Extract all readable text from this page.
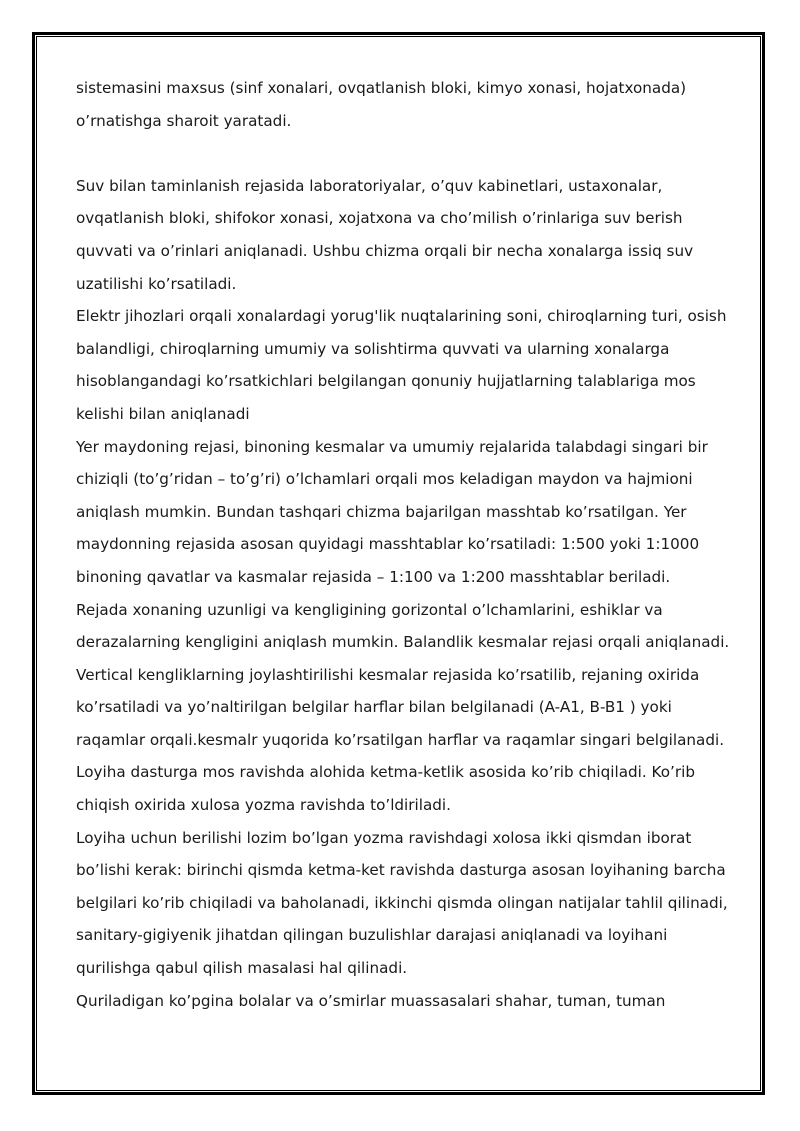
sistemasini maxsus (sinf xonalari, ovqatlanish bloki, kimyo xonasi, hojatxonada) o’rnatishga sharoit yaratadi.

Suv bilan taminlanish rejasida laboratoriyalar, o’quv kabinetlari, ustaxonalar, ovqatlanish bloki, shifokor xonasi, xojatxona va cho’milish o’rinlariga suv berish quvvati va o’rinlari aniqlanadi. Ushbu chizma orqali bir necha xonalarga issiq suv uzatilishi ko’rsatiladi.

Elektr jihozlari orqali xonalardagi yorug'lik nuqtalarining soni, chiroqlarning turi, osish balandligi, chiroqlarning umumiy va solishtirma quvvati va ularning xonalarga hisoblangandagi ko’rsatkichlari belgilangan qonuniy hujjatlarning talablariga mos kelishi bilan aniqlanadi

Yer maydoning rejasi, binoning kesmalar va umumiy rejalarida talabdagi singari bir chiziqli (to’g’ridan – to’g’ri) o’lchamlari orqali mos keladigan maydon va hajmioni aniqlash mumkin. Bundan tashqari chizma bajarilgan masshtab ko’rsatilgan. Yer maydonning rejasida asosan quyidagi masshtablar ko’rsatiladi: 1:500 yoki 1:1000 binoning qavatlar va kasmalar rejasida – 1:100 va 1:200 masshtablar beriladi.

Rejada xonaning uzunligi va kengligining gorizontal o’lchamlarini, eshiklar va derazalarning kengligini aniqlash mumkin. Balandlik kesmalar rejasi orqali aniqlanadi. Vertical kengliklarning joylashtirilishi kesmalar rejasida ko’rsatilib, rejaning oxirida ko’rsatiladi va yo’naltirilgan belgilar harflar bilan belgilanadi (A-A1, B-B1 ) yoki raqamlar orqali.kesmalr yuqorida ko’rsatilgan harflar va raqamlar singari belgilanadi.

Loyiha dasturga mos ravishda alohida ketma-ketlik asosida ko’rib chiqiladi. Ko’rib chiqish oxirida xulosa yozma ravishda to’ldiriladi.

Loyiha uchun berilishi lozim bo’lgan yozma ravishdagi xolosa ikki qismdan iborat bo’lishi kerak: birinchi qismda ketma-ket ravishda dasturga asosan loyihaning barcha belgilari ko’rib chiqiladi va baholanadi, ikkinchi qismda olingan natijalar tahlil qilinadi, sanitary-gigiyenik jihatdan qilingan buzulishlar darajasi aniqlanadi va loyihani qurilishga qabul qilish masalasi hal qilinadi.

Quriladigan ko’pgina bolalar va o’smirlar muassasalari shahar, tuman, tuman
